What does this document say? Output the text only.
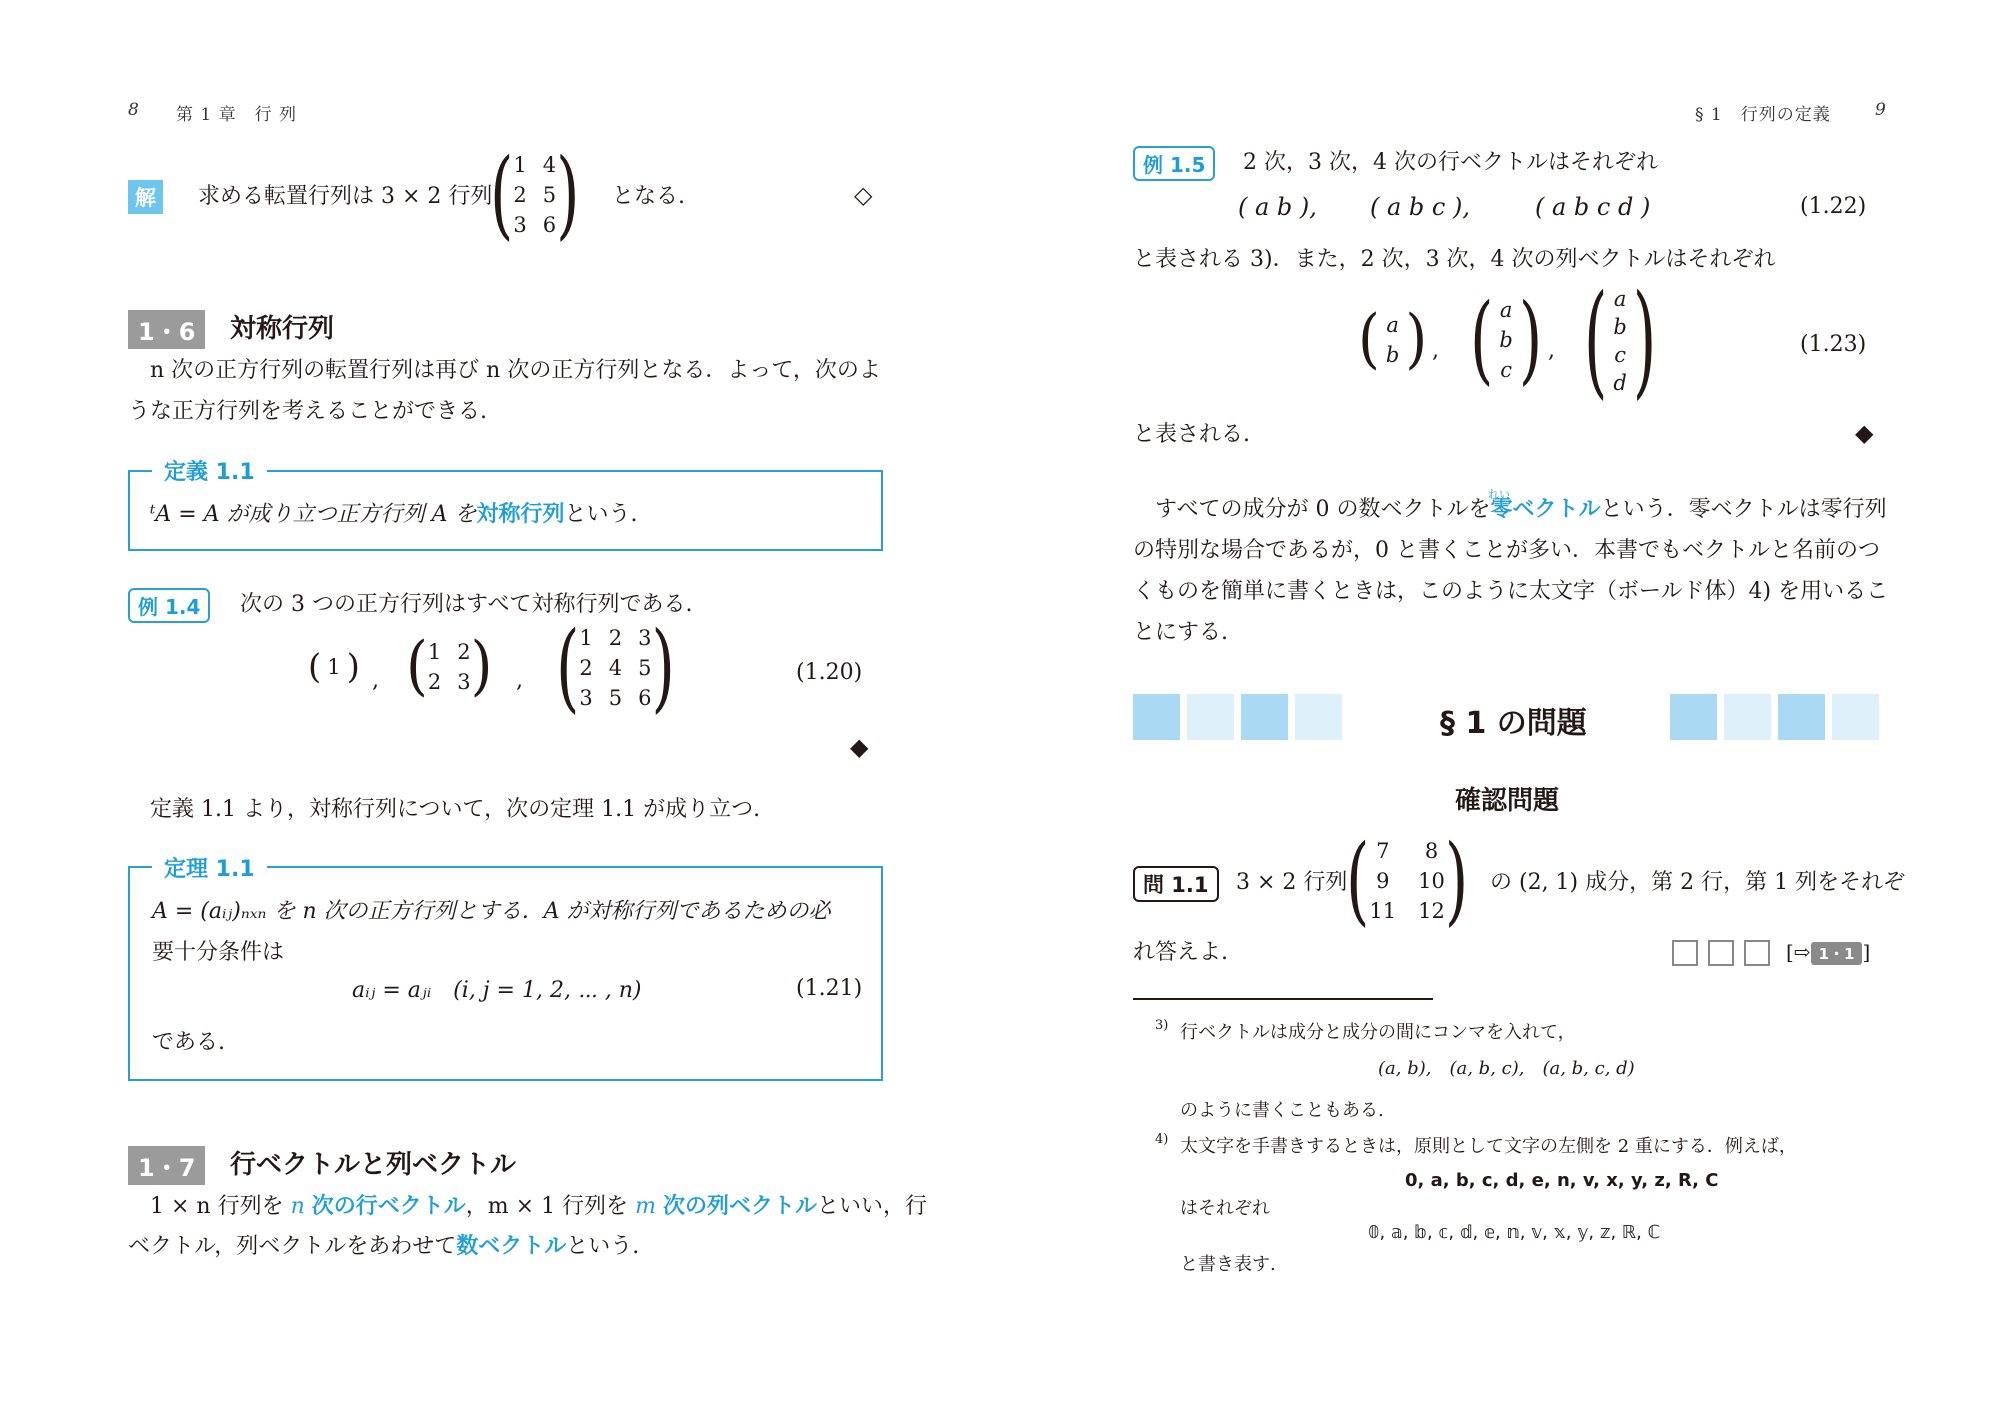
8 第 1 章　行 列
解	求める転置行列は 3 × 2 行列
( 1 4
2 5
3 6 ) となる.	◇
1・6	対称行列
n 次の正方行列の転置行列は再び n 次の正方行列となる．よって，次のよ
うな正方行列を考えることができる.
定義 1.1
ᵗA = A が成り立つ正方行列 A を対称行列という.
例 1.4	次の 3 つの正方行列はすべて対称行列である.
( 1 ) , ( 1 2
2 3 ) , ( 1 2 3
2 4 5
3 5 6 )	(1.20)
◆
定義 1.1 より，対称行列について，次の定理 1.1 が成り立つ.
定理 1.1
A = (aᵢⱼ)ₙₓₙ を n 次の正方行列とする．A が対称行列であるための必
要十分条件は
aᵢⱼ = aⱼᵢ　(i, j = 1, 2, ⋯ , n)	(1.21)
である.
1・7	行ベクトルと列ベクトル
1 × n 行列を n 次の行ベクトル，m × 1 行列を m 次の列ベクトルといい，行
ベクトル，列ベクトルをあわせて数ベクトルという.
§ 1　行列の定義	9
例 1.5	2 次，3 次，4 次の行ベクトルはそれぞれ
( a b ), ( a b c ),	( a b c d )	(1.22)
と表される 3)．また，2 次，3 次，4 次の列ベクトルはそれぞれ
( a
b ) , ( a
b
c ) , ( a
b
c
d )	(1.23)
と表される.	◆
れい
すべての成分が 0 の数ベクトルを零ベクトルという．零ベクトルは零行列
の特別な場合であるが，0 と書くことが多い．本書でもベクトルと名前のつ
くものを簡単に書くときは，このように太文字（ボールド体）4) を用いるこ
とにする.
§ 1 の問題
確認問題
問 1.1	3 × 2 行列
( 7	8
9	10
11 12 ) の (2, 1) 成分，第 2 行，第 1 列をそれぞ
れ答えよ.	[⇨ 1・1 ]
3) 行ベクトルは成分と成分の間にコンマを入れて，
(a, b),　(a, b, c),　(a, b, c, d)
のように書くこともある.
4) 太文字を手書きするときは，原則として文字の左側を 2 重にする．例えば，
0, a, b, c, d, e, n, v, x, y, z, R, C
はそれぞれ
𝟘, 𝕒, 𝕓, 𝕔, 𝕕, 𝕖, 𝕟, 𝕧, 𝕩, 𝕪, 𝕫, ℝ, ℂ
と書き表す.
